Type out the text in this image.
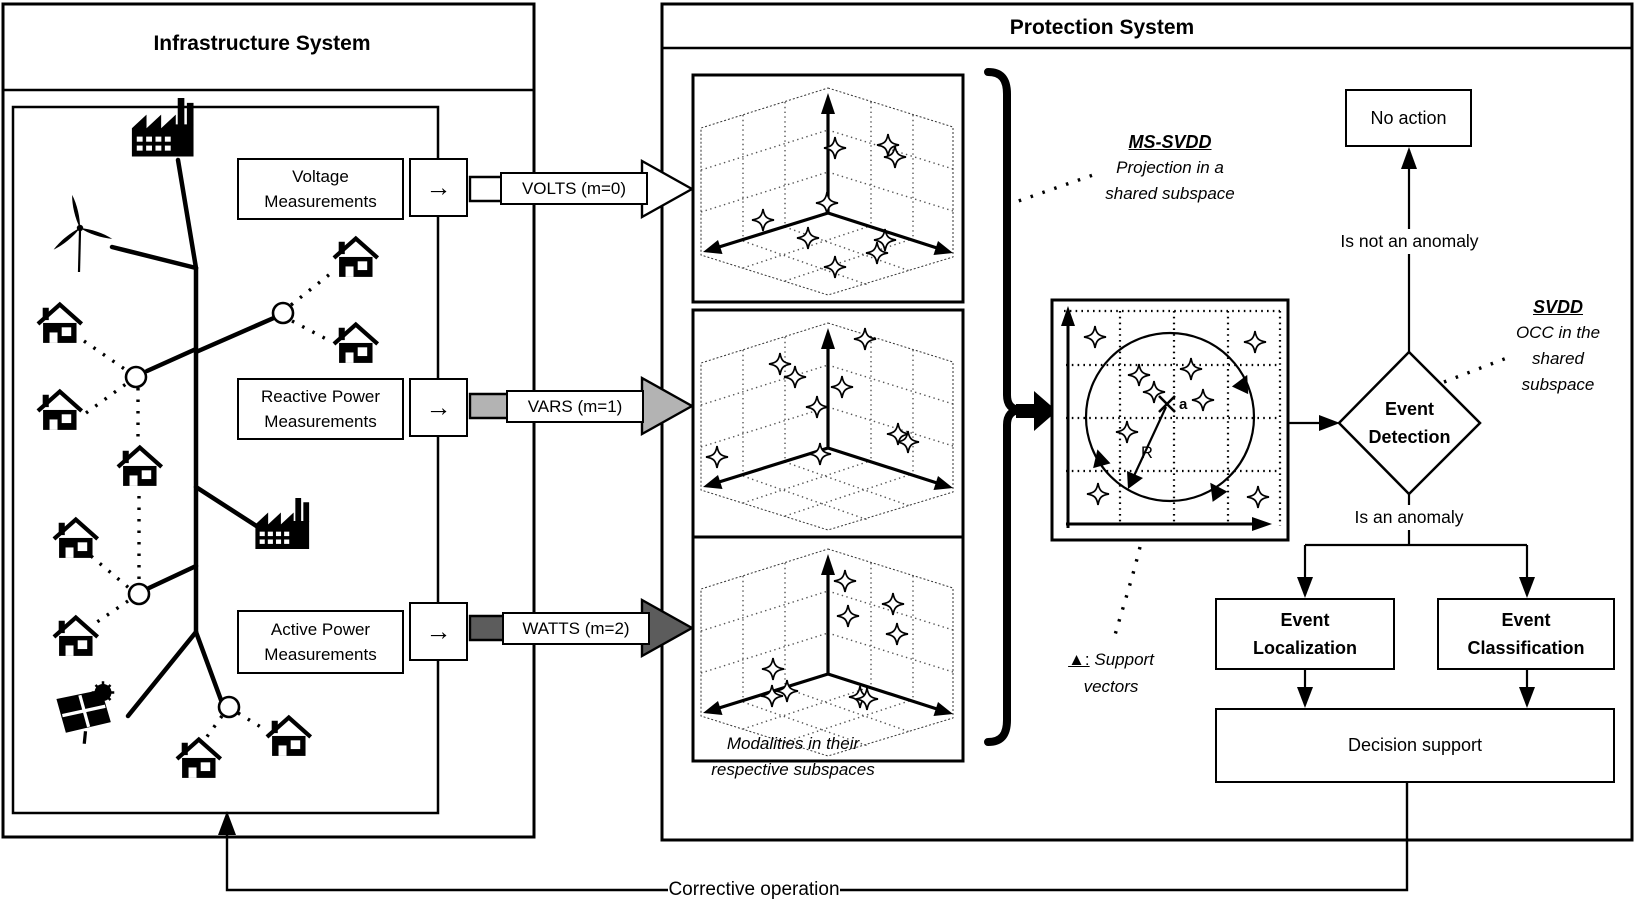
Infrastructure System
Protection System
Voltage
Measurements →	VOLTS (m=0)
Reactive Power
Measurements →	VARS (m=1)
Active Power
Measurements
→	WATTS (m=2)
Modalities in their
respective subspaces
MS-SVDD
Projection in a
shared subspace
SVDD
OCC in the
shared
subspace
a
R
▲: Support
vectors
No action
Is not an anomaly
Event
Detection
Is an anomaly
Event
Localization
Event
Classification
Decision support
Corrective operation
